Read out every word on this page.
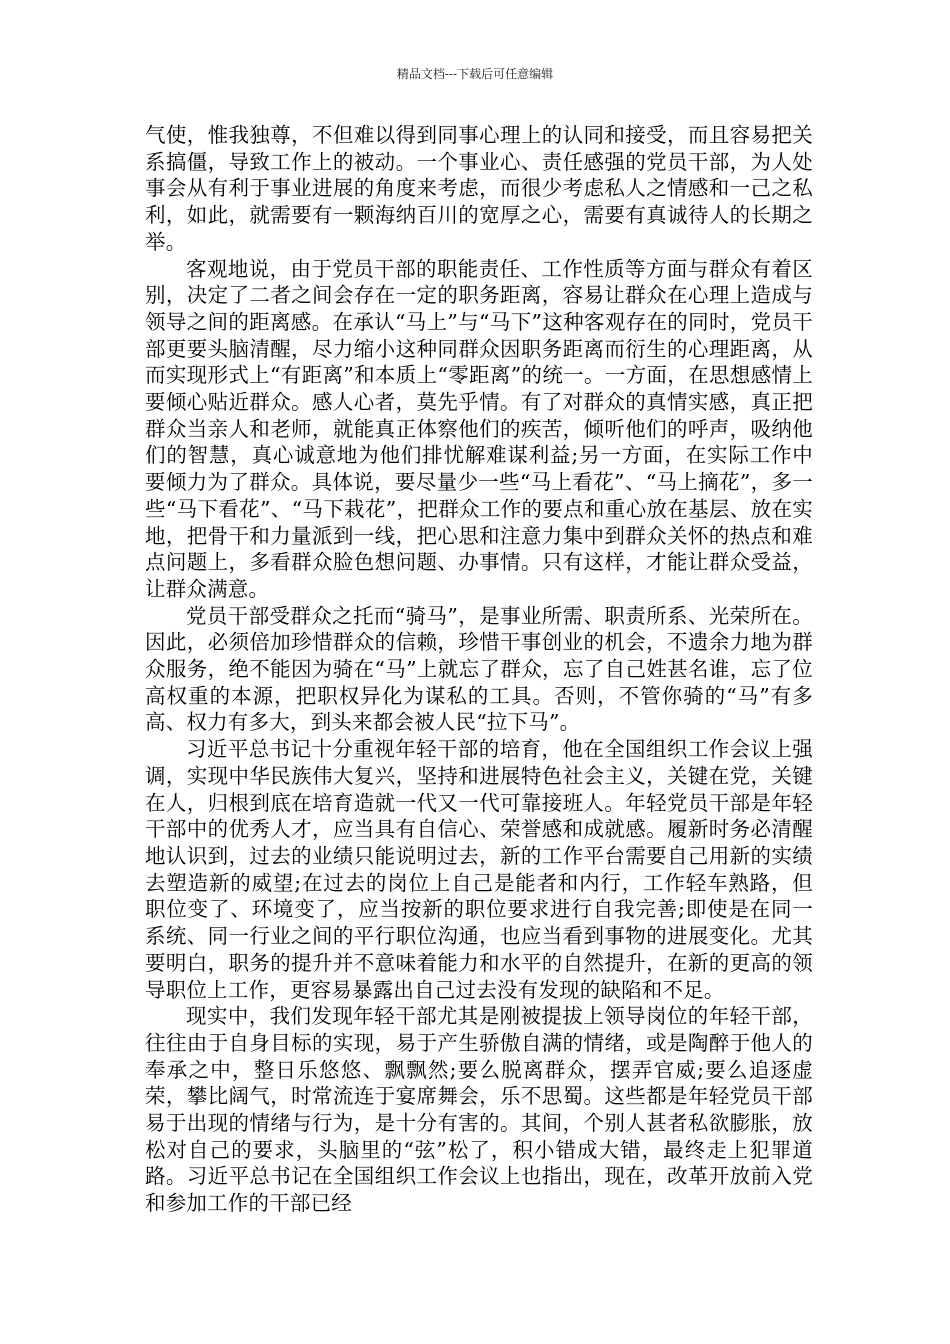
精品文档---下载后可任意编辑

气使，惟我独尊，不但难以得到同事心理上的认同和接受，而且容易把关系搞僵，导致工作上的被动。一个事业心、责任感强的党员干部，为人处事会从有利于事业进展的角度来考虑，而很少考虑私人之情感和一己之私利，如此，就需要有一颗海纳百川的宽厚之心，需要有真诚待人的长期之举。

客观地说，由于党员干部的职能责任、工作性质等方面与群众有着区别，决定了二者之间会存在一定的职务距离，容易让群众在心理上造成与领导之间的距离感。在承认“马上”与“马下”这种客观存在的同时，党员干部更要头脑清醒，尽力缩小这种同群众因职务距离而衍生的心理距离，从而实现形式上“有距离”和本质上“零距离”的统一。一方面，在思想感情上要倾心贴近群众。感人心者，莫先乎情。有了对群众的真情实感，真正把群众当亲人和老师，就能真正体察他们的疾苦，倾听他们的呼声，吸纳他们的智慧，真心诚意地为他们排忧解难谋利益;另一方面，在实际工作中要倾力为了群众。具体说，要尽量少一些“马上看花”、“马上摘花”，多一些“马下看花”、“马下栽花”，把群众工作的要点和重心放在基层、放在实地，把骨干和力量派到一线，把心思和注意力集中到群众关怀的热点和难点问题上，多看群众脸色想问题、办事情。只有这样，才能让群众受益，让群众满意。

党员干部受群众之托而“骑马”，是事业所需、职责所系、光荣所在。因此，必须倍加珍惜群众的信赖，珍惜干事创业的机会，不遗余力地为群众服务，绝不能因为骑在“马”上就忘了群众，忘了自己姓甚名谁，忘了位高权重的本源，把职权异化为谋私的工具。否则，不管你骑的“马”有多高、权力有多大，到头来都会被人民“拉下马”。

习近平总书记十分重视年轻干部的培育，他在全国组织工作会议上强调，实现中华民族伟大复兴，坚持和进展特色社会主义，关键在党，关键在人，归根到底在培育造就一代又一代可靠接班人。年轻党员干部是年轻干部中的优秀人才，应当具有自信心、荣誉感和成就感。履新时务必清醒地认识到，过去的业绩只能说明过去，新的工作平台需要自己用新的实绩去塑造新的威望;在过去的岗位上自己是能者和内行，工作轻车熟路，但职位变了、环境变了，应当按新的职位要求进行自我完善;即使是在同一系统、同一行业之间的平行职位沟通，也应当看到事物的进展变化。尤其要明白，职务的提升并不意味着能力和水平的自然提升，在新的更高的领导职位上工作，更容易暴露出自己过去没有发现的缺陷和不足。

现实中，我们发现年轻干部尤其是刚被提拔上领导岗位的年轻干部，往往由于自身目标的实现，易于产生骄傲自满的情绪，或是陶醉于他人的奉承之中，整日乐悠悠、飘飘然;要么脱离群众，摆弄官威;要么追逐虚荣，攀比阔气，时常流连于宴席舞会，乐不思蜀。这些都是年轻党员干部易于出现的情绪与行为，是十分有害的。其间，个别人甚者私欲膨胀，放松对自己的要求，头脑里的“弦”松了，积小错成大错，最终走上犯罪道路。习近平总书记在全国组织工作会议上也指出，现在，改革开放前入党和参加工作的干部已经
